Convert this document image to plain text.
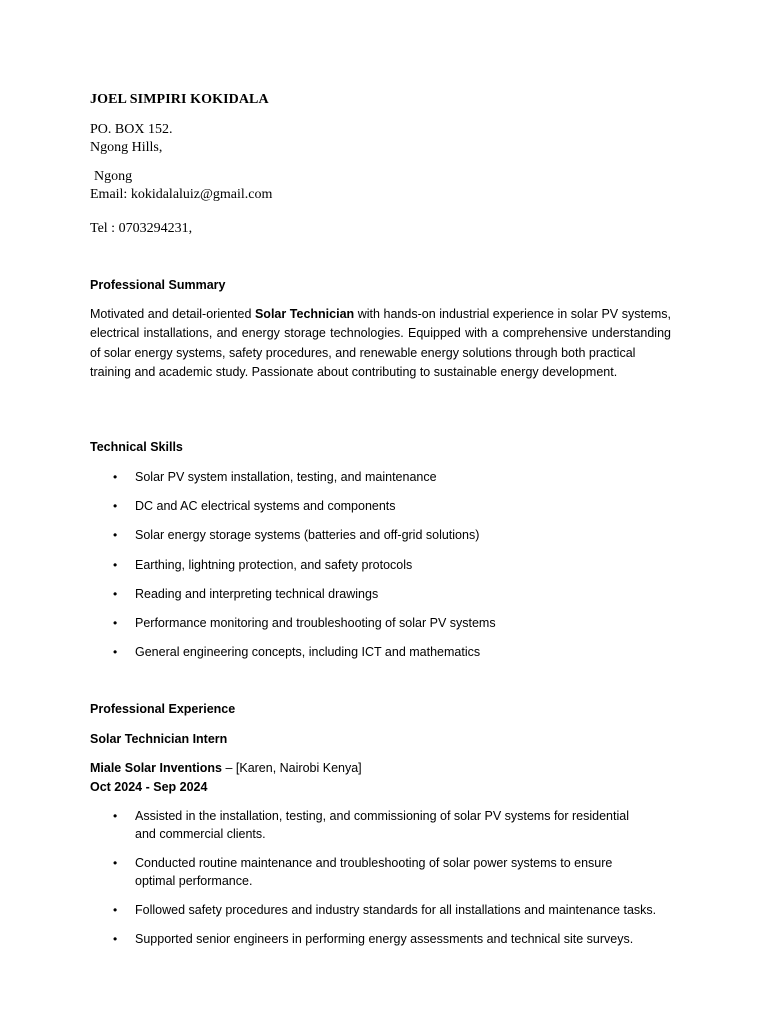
JOEL SIMPIRI KOKIDALA
PO. BOX 152.
Ngong Hills,
Ngong
Email: kokidalaluiz@gmail.com
Tel : 0703294231,
Professional Summary
Motivated and detail-oriented Solar Technician with hands-on industrial experience in solar PV systems, electrical installations, and energy storage technologies. Equipped with a comprehensive understanding of solar energy systems, safety procedures, and renewable energy solutions through both practical
training and academic study. Passionate about contributing to sustainable energy development.
Technical Skills
• Solar PV system installation, testing, and maintenance
• DC and AC electrical systems and components
• Solar energy storage systems (batteries and off-grid solutions)
• Earthing, lightning protection, and safety protocols
• Reading and interpreting technical drawings
• Performance monitoring and troubleshooting of solar PV systems
• General engineering concepts, including ICT and mathematics
Professional Experience
Solar Technician Intern
Miale Solar Inventions – [Karen, Nairobi Kenya]
Oct 2024 - Sep 2024
• Assisted in the installation, testing, and commissioning of solar PV systems for residential and commercial clients.
• Conducted routine maintenance and troubleshooting of solar power systems to ensure optimal performance.
• Followed safety procedures and industry standards for all installations and maintenance tasks.
• Supported senior engineers in performing energy assessments and technical site surveys.
